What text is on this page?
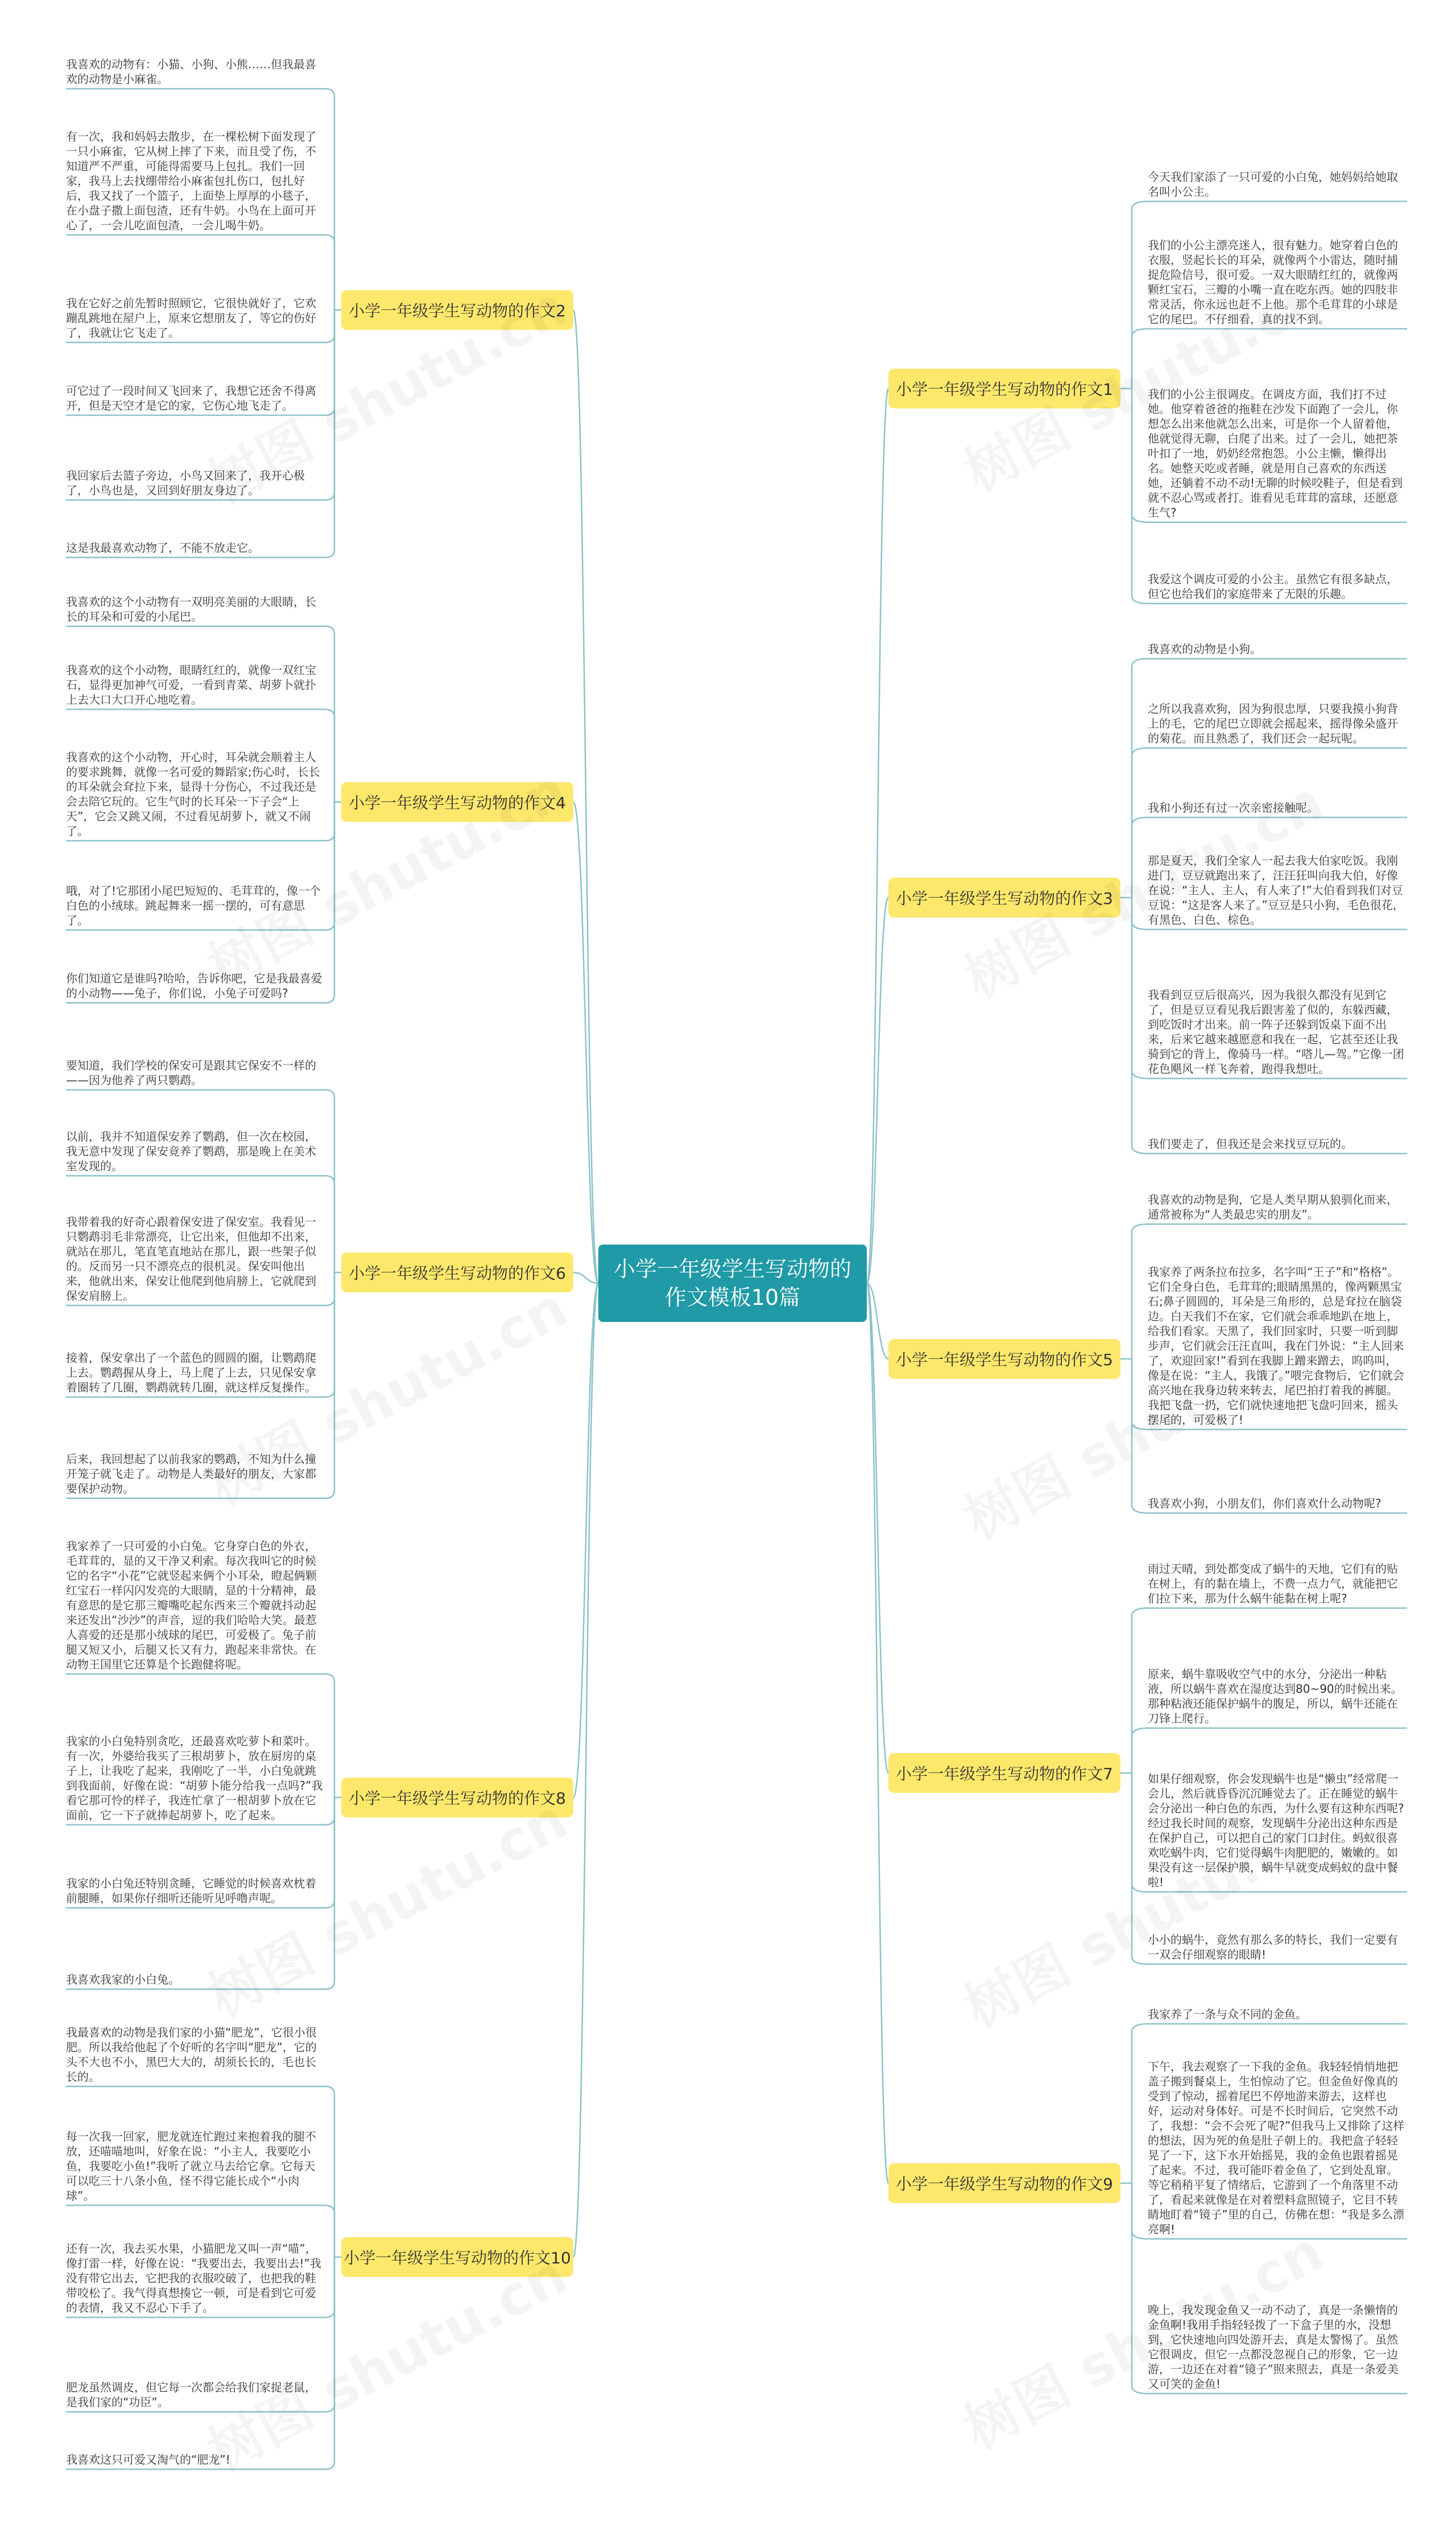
小学一年级学生写动物的作文模板10篇
小学一年级学生写动物的作文1

今天我们家添了一只可爱的小白兔，她妈妈给她取名叫小公主。

我们的小公主漂亮迷人，很有魅力。她穿着白色的衣服，竖起长长的耳朵，就像两个小雷达，随时捕捉危险信号，很可爱。一双大眼睛红红的，就像两颗红宝石，三瓣的小嘴一直在吃东西。她的四肢非常灵活，你永远也赶不上他。那个毛茸茸的小球是它的尾巴。不仔细看，真的找不到。

我们的小公主很调皮。在调皮方面，我们打不过她。他穿着爸爸的拖鞋在沙发下面跑了一会儿，你想怎么出来他就怎么出来，可是你一个人留着他，他就觉得无聊，白爬了出来。过了一会儿，她把茶叶扣了一地，奶奶经常抱怨。小公主懒，懒得出名。她整天吃或者睡，就是用自己喜欢的东西送她，还躺着不动不动!无聊的时候咬鞋子，但是看到就不忍心骂或者打。谁看见毛茸茸的富球，还愿意生气?

我爱这个调皮可爱的小公主。虽然它有很多缺点，但它也给我们的家庭带来了无限的乐趣。

小学一年级学生写动物的作文2

我喜欢的动物有：小猫、小狗、小熊……但我最喜欢的动物是小麻雀。

有一次，我和妈妈去散步，在一棵松树下面发现了一只小麻雀，它从树上摔了下来，而且受了伤，不知道严不严重，可能得需要马上包扎。我们一回家，我马上去找绷带给小麻雀包扎伤口，包扎好后，我又找了一个篮子，上面垫上厚厚的小毯子，在小盘子撒上面包渣，还有牛奶。小鸟在上面可开心了，一会儿吃面包渣，一会儿喝牛奶。

我在它好之前先暂时照顾它，它很快就好了，它欢蹦乱跳地在屋户上，原来它想朋友了，等它的伤好了，我就让它飞走了。

可它过了一段时间又飞回来了，我想它还舍不得离开，但是天空才是它的家，它伤心地飞走了。

我回家后去篮子旁边，小鸟又回来了，我开心极了，小鸟也是，又回到好朋友身边了。

这是我最喜欢动物了，不能不放走它。

小学一年级学生写动物的作文3

我喜欢的动物是小狗。

之所以我喜欢狗，因为狗很忠厚，只要我摸小狗背上的毛，它的尾巴立即就会摇起来，摇得像朵盛开的菊花。而且熟悉了，我们还会一起玩呢。

我和小狗还有过一次亲密接触呢。

那是夏天，我们全家人一起去我大伯家吃饭。我刚进门，豆豆就跑出来了，汪汪狂叫向我大伯，好像在说：“主人、主人，有人来了!”大伯看到我们对豆豆说：“这是客人来了。”豆豆是只小狗，毛色很花，有黑色、白色、棕色。

我看到豆豆后很高兴，因为我很久都没有见到它了，但是豆豆看见我后跟害羞了似的，东躲西藏，到吃饭时才出来。前一阵子还躲到饭桌下面不出来，后来它越来越愿意和我在一起，它甚至还让我骑到它的背上，像骑马一样。“嗒儿—驾。”它像一团花色飓风一样飞奔着，跑得我想吐。

我们要走了，但我还是会来找豆豆玩的。

小学一年级学生写动物的作文4

我喜欢的这个小动物有一双明亮美丽的大眼睛，长长的耳朵和可爱的小尾巴。

我喜欢的这个小动物，眼睛红红的，就像一双红宝石，显得更加神气可爱，一看到青菜、胡萝卜就扑上去大口大口开心地吃着。

我喜欢的这个小动物，开心时，耳朵就会顺着主人的要求跳舞，就像一名可爱的舞蹈家;伤心时，长长的耳朵就会耷拉下来，显得十分伤心，不过我还是会去陪它玩的。它生气时的长耳朵一下子会“上天”，它会又跳又闹，不过看见胡萝卜，就又不闹了。

哦，对了!它那团小尾巴短短的、毛茸茸的，像一个白色的小绒球。跳起舞来一摇一摆的，可有意思了。

你们知道它是谁吗?哈哈，告诉你吧，它是我最喜爱的小动物——兔子，你们说，小兔子可爱吗?

小学一年级学生写动物的作文5

我喜欢的动物是狗，它是人类早期从狼驯化而来，通常被称为“人类最忠实的朋友”。

我家养了两条拉布拉多，名字叫“王子”和“格格”。它们全身白色，毛茸茸的;眼睛黑黑的，像两颗黑宝石;鼻子圆圆的，耳朵是三角形的，总是耷拉在脑袋边。白天我们不在家，它们就会乖乖地趴在地上，给我们看家。天黑了，我们回家时，只要一听到脚步声，它们就会汪汪直叫，我在门外说：“主人回来了，欢迎回家!”看到在我脚上蹭来蹭去，呜呜叫，像是在说：“主人，我饿了。”喂完食物后，它们就会高兴地在我身边转来转去，尾巴拍打着我的裤腿。我把飞盘一扔，它们就快速地把飞盘叼回来，摇头摆尾的，可爱极了!

我喜欢小狗，小朋友们，你们喜欢什么动物呢?

小学一年级学生写动物的作文6

要知道，我们学校的保安可是跟其它保安不一样的——因为他养了两只鹦鹉。

以前，我并不知道保安养了鹦鹉，但一次在校园，我无意中发现了保安竟养了鹦鹉，那是晚上在美术室发现的。

我带着我的好奇心跟着保安进了保安室。我看见一只鹦鹉羽毛非常漂亮，让它出来，但他却不出来，就站在那儿，笔直笔直地站在那儿，跟一些架子似的。反而另一只不漂亮点的很机灵。保安叫他出来，他就出来，保安让他爬到他肩膀上，它就爬到保安肩膀上。

接着，保安拿出了一个蓝色的圆圆的圈，让鹦鹉爬上去。鹦鹉握从身上，马上爬了上去，只见保安拿着圈转了几圈，鹦鹉就转几圈，就这样反复操作。

后来，我回想起了以前我家的鹦鹉，不知为什么撞开笼子就飞走了。动物是人类最好的朋友，大家都要保护动物。

小学一年级学生写动物的作文7

雨过天晴，到处都变成了蜗牛的天地，它们有的贴在树上，有的黏在墙上，不费一点力气，就能把它们拉下来，那为什么蜗牛能黏在树上呢?

原来，蜗牛靠吸收空气中的水分，分泌出一种粘液，所以蜗牛喜欢在湿度达到80~90的时候出来。那种粘液还能保护蜗牛的腹足，所以，蜗牛还能在刀锋上爬行。

如果仔细观察，你会发现蜗牛也是“懒虫”经常爬一会儿，然后就昏昏沉沉睡觉去了。正在睡觉的蜗牛会分泌出一种白色的东西，为什么要有这种东西呢?经过我长时间的观察，发现蜗牛分泌出这种东西是在保护自己，可以把自己的家门口封住。蚂蚁很喜欢吃蜗牛肉，它们觉得蜗牛肉肥肥的，嫩嫩的。如果没有这一层保护膜，蜗牛早就变成蚂蚁的盘中餐啦!

小小的蜗牛，竟然有那么多的特长，我们一定要有一双会仔细观察的眼睛!

小学一年级学生写动物的作文8

我家养了一只可爱的小白兔。它身穿白色的外衣，毛茸茸的，显的又干净又利索。每次我叫它的时候它的名字“小花”它就竖起来俩个小耳朵，瞪起俩颗红宝石一样闪闪发亮的大眼睛，显的十分精神，最有意思的是它那三瓣嘴吃起东西来三个瓣就抖动起来还发出“沙沙”的声音，逗的我们哈哈大笑。最惹人喜爱的还是那小绒球的尾巴，可爱极了。兔子前腿又短又小，后腿又长又有力，跑起来非常快。在动物王国里它还算是个长跑健将呢。

我家的小白兔特别贪吃，还最喜欢吃萝卜和菜叶。有一次，外婆给我买了三根胡萝卜，放在厨房的桌子上，让我吃了起来，我刚吃了一半，小白兔就跳到我面前，好像在说：“胡萝卜能分给我一点吗?”我看它那可怜的样子，我连忙拿了一根胡萝卜放在它面前，它一下子就捧起胡萝卜，吃了起来。

我家的小白兔还特别贪睡，它睡觉的时候喜欢枕着前腿睡，如果你仔细听还能听见呼噜声呢。

我喜欢我家的小白兔。

小学一年级学生写动物的作文9

我家养了一条与众不同的金鱼。

下午，我去观察了一下我的金鱼。我轻轻悄悄地把盖子搬到餐桌上，生怕惊动了它。但金鱼好像真的受到了惊动，摇着尾巴不停地游来游去，这样也好，运动对身体好。可是不长时间后，它突然不动了，我想：“会不会死了呢?”但我马上又排除了这样的想法，因为死的鱼是肚子朝上的。我把盒子轻轻晃了一下，这下水开始摇晃，我的金鱼也跟着摇晃了起来。不过，我可能吓着金鱼了，它到处乱窜。等它稍稍平复了情绪后，它游到了一个角落里不动了，看起来就像是在对着塑料盒照镜子，它目不转睛地盯着“镜子”里的自己，仿佛在想：“我是多么漂亮啊!

晚上，我发现金鱼又一动不动了，真是一条懒惰的金鱼啊!我用手指轻轻拨了一下盒子里的水，没想到，它快速地向四处游开去，真是太警惕了。虽然它很调皮，但它一点都没忽视自己的形象，它一边游，一边还在对着“镜子”照来照去，真是一条爱美又可笑的金鱼!

小学一年级学生写动物的作文10

我最喜欢的动物是我们家的小猫“肥龙”，它很小很肥。所以我给他起了个好听的名字叫“肥龙”，它的头不大也不小，黑巴大大的，胡须长长的，毛也长长的。

每一次我一回家，肥龙就连忙跑过来抱着我的腿不放，还喵喵地叫，好象在说：“小主人，我要吃小鱼，我要吃小鱼!”我听了就立马去给它拿。它每天可以吃三十八条小鱼，怪不得它能长成个“小肉球”。

还有一次，我去买水果，小猫肥龙又叫一声“喵”，像打雷一样，好像在说：“我要出去，我要出去!”我没有带它出去，它把我的衣服咬破了，也把我的鞋带咬松了。我气得真想揍它一顿，可是看到它可爱的表情，我又不忍心下手了。

肥龙虽然调皮，但它每一次都会给我们家捉老鼠，是我们家的“功臣”。

我喜欢这只可爱又淘气的“肥龙”!
